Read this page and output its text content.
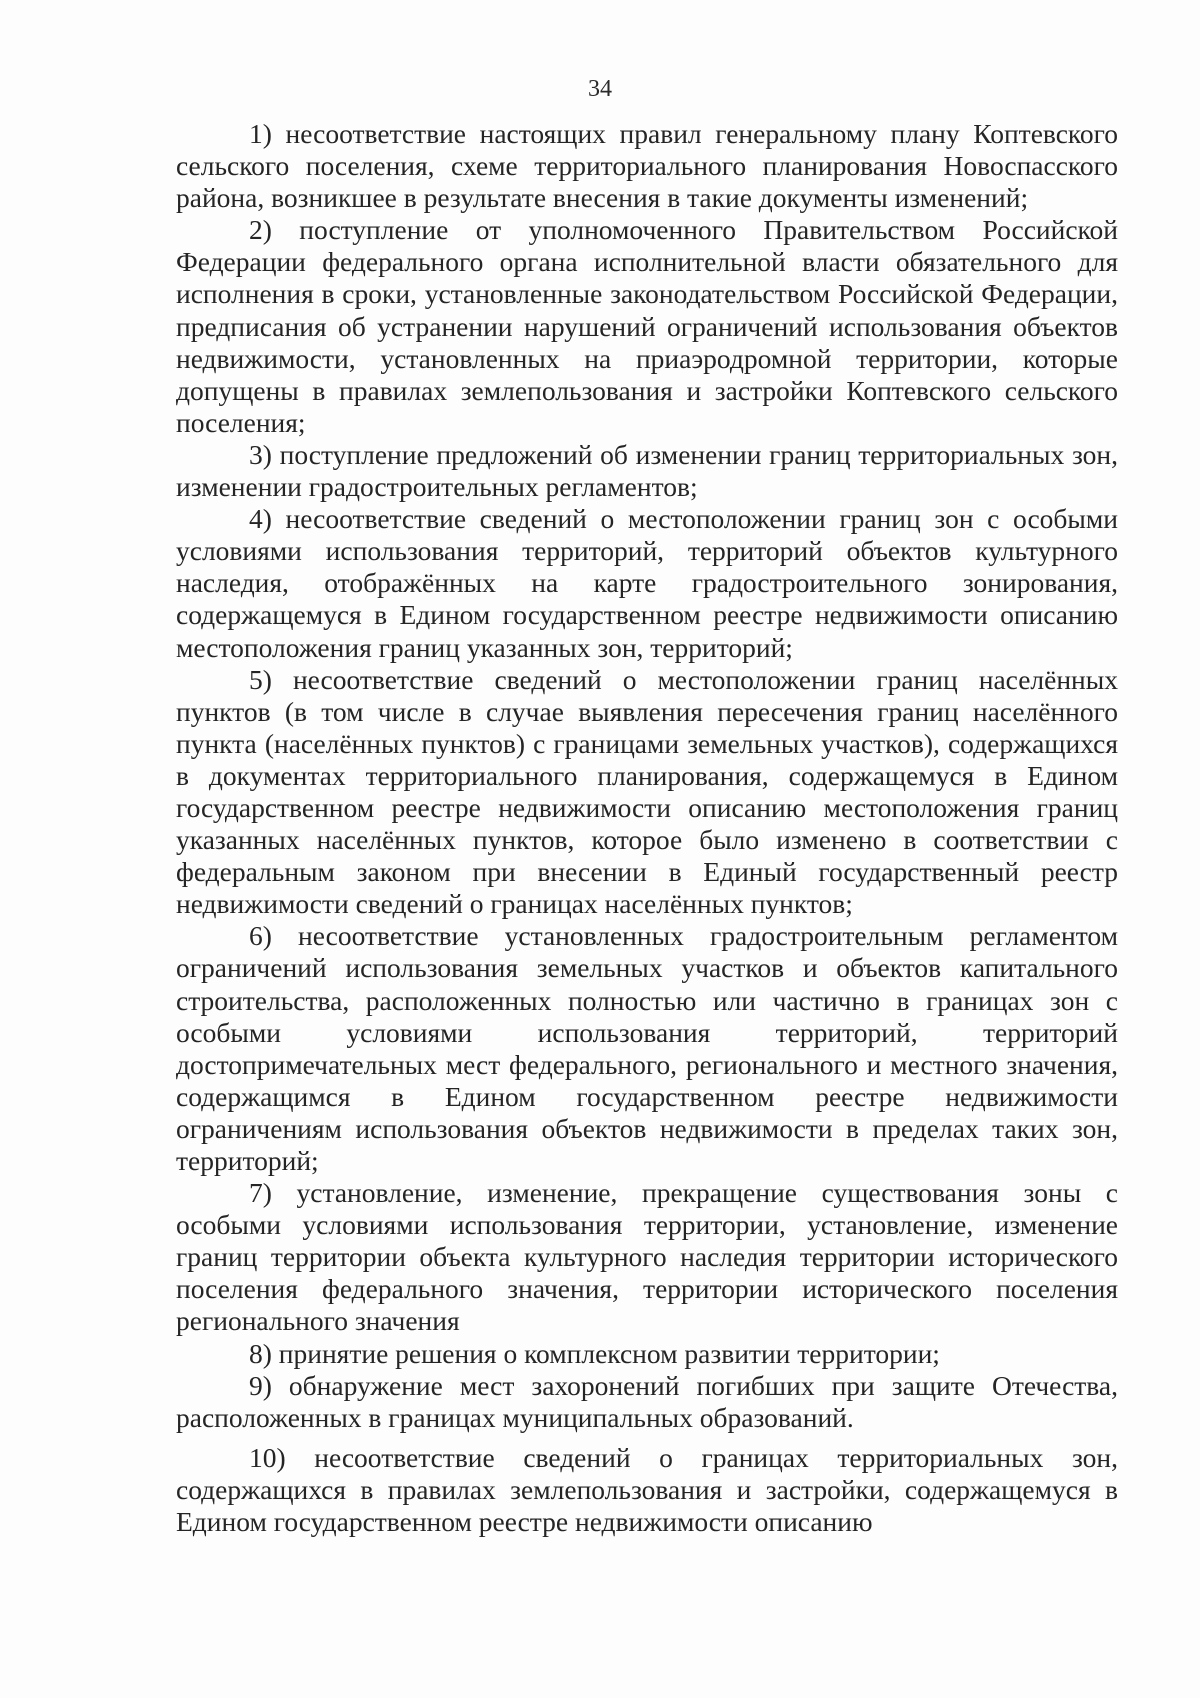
34

1) несоответствие настоящих правил генеральному плану Коптевского сельского поселения, схеме территориального планирования Новоспасского района, возникшее в результате внесения в такие документы изменений;

2) поступление от уполномоченного Правительством Российской Федерации федерального органа исполнительной власти обязательного для исполнения в сроки, установленные законодательством Российской Федерации, предписания об устранении нарушений ограничений использования объектов недвижимости, установленных на приаэродромной территории, которые допущены в правилах землепользования и застройки Коптевского сельского поселения;

3) поступление предложений об изменении границ территориальных зон, изменении градостроительных регламентов;

4) несоответствие сведений о местоположении границ зон с особыми условиями использования территорий, территорий объектов культурного наследия, отображённых на карте градостроительного зонирования, содержащемуся в Едином государственном реестре недвижимости описанию местоположения границ указанных зон, территорий;

5) несоответствие сведений о местоположении границ населённых пунктов (в том числе в случае выявления пересечения границ населённого пункта (населённых пунктов) с границами земельных участков), содержащихся в документах территориального планирования, содержащемуся в Едином государственном реестре недвижимости описанию местоположения границ указанных населённых пунктов, которое было изменено в соответствии с федеральным законом при внесении в Единый государственный реестр недвижимости сведений о границах населённых пунктов;

6) несоответствие установленных градостроительным регламентом ограничений использования земельных участков и объектов капитального строительства, расположенных полностью или частично в границах зон с особыми условиями использования территорий, территорий достопримечательных мест федерального, регионального и местного значения, содержащимся в Едином государственном реестре недвижимости ограничениям использования объектов недвижимости в пределах таких зон, территорий;

7) установление, изменение, прекращение существования зоны с особыми условиями использования территории, установление, изменение границ территории объекта культурного наследия территории исторического поселения федерального значения, территории исторического поселения регионального значения

8) принятие решения о комплексном развитии территории;

9) обнаружение мест захоронений погибших при защите Отечества, расположенных в границах муниципальных образований.

10) несоответствие сведений о границах территориальных зон, содержащихся в правилах землепользования и застройки, содержащемуся в Едином государственном реестре недвижимости описанию
